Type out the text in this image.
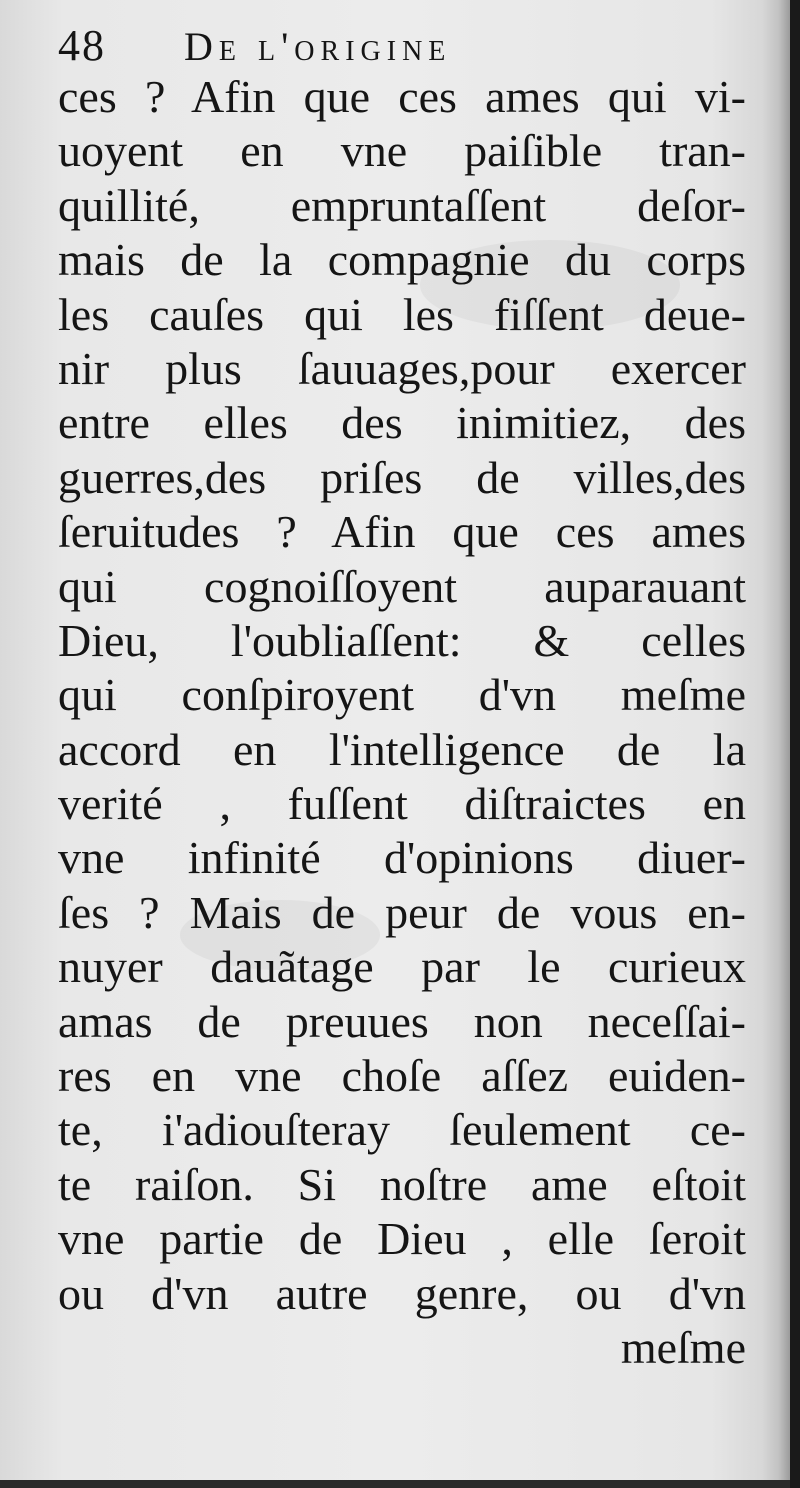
48 De l'origine
ces ? Afin que ces ames qui vi-
uoyent en vne paiſible tran-
quillité, empruntaſſent deſor-
mais de la compagnie du corps
les cauſes qui les fiſſent deue-
nir plus ſauuages,pour exercer
entre elles des inimitiez, des
guerres,des priſes de villes,des
ſeruitudes ? Afin que ces ames
qui cognoiſſoyent auparauant
Dieu, l'oubliaſſent: & celles
qui conſpiroyent d'vn meſme
accord en l'intelligence de la
verité , fuſſent diſtraictes en
vne infinité d'opinions diuer-
ſes ? Mais de peur de vous en-
nuyer dauãtage par le curieux
amas de preuues non neceſſai-
res en vne choſe aſſez euiden-
te, i'adiouſteray ſeulement ce-
te raiſon. Si noſtre ame eſtoit
vne partie de Dieu , elle ſeroit
ou d'vn autre genre, ou d'vn
meſme
